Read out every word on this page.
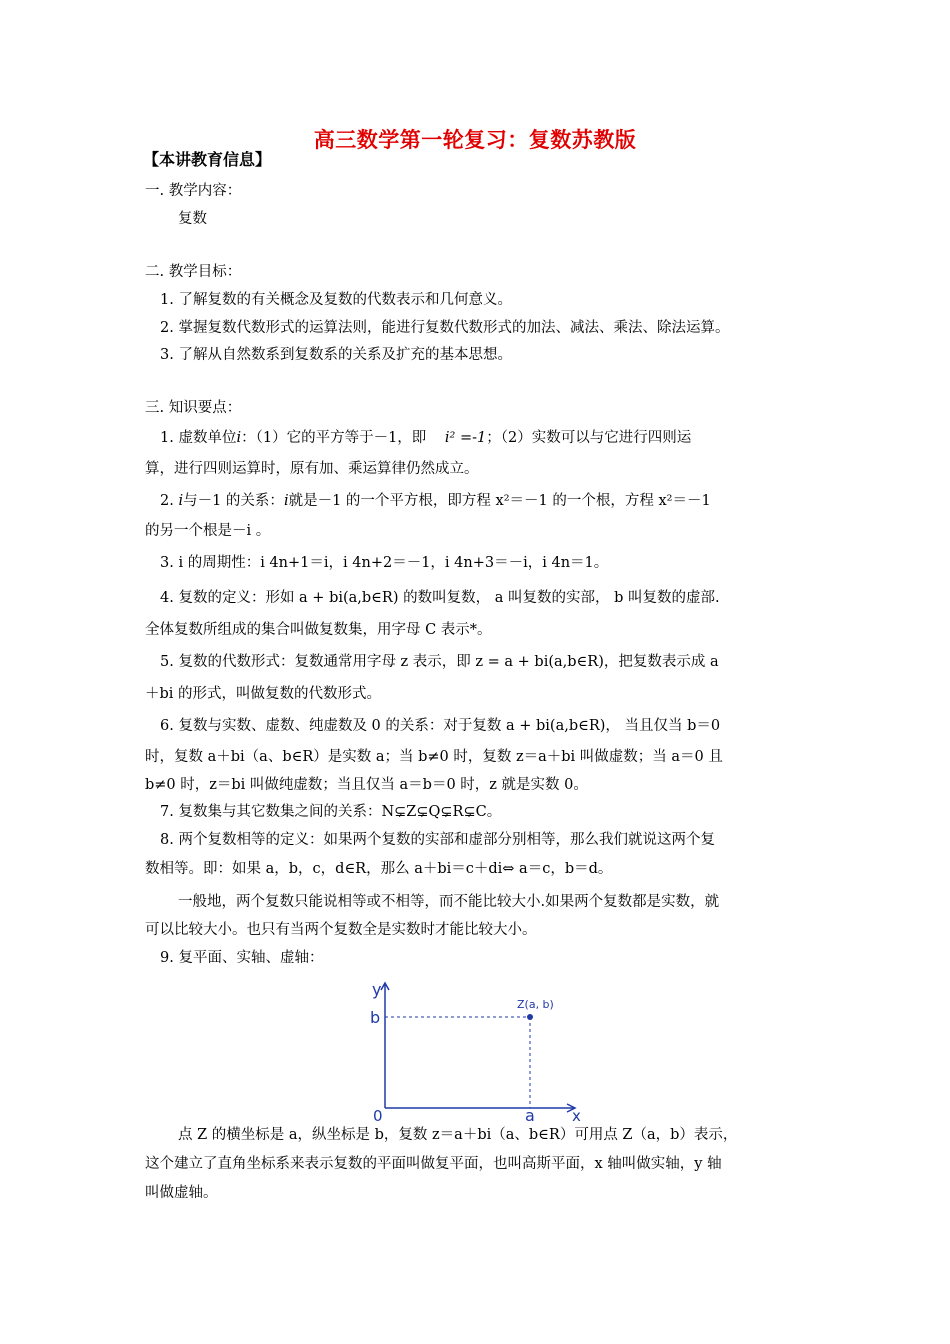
高三数学第一轮复习：复数苏教版
【本讲教育信息】
一. 教学内容：
复数
二. 教学目标：
1. 了解复数的有关概念及复数的代数表示和几何意义。
2. 掌握复数代数形式的运算法则，能进行复数代数形式的加法、减法、乘法、除法运算。
3. 了解从自然数系到复数系的关系及扩充的基本思想。
三. 知识要点：
1. 虚数单位i：（1）它的平方等于－1，即 i² =-1；（2）实数可以与它进行四则运
算，进行四则运算时，原有加、乘运算律仍然成立。
2. i与－1 的关系：i就是－1 的一个平方根，即方程 x²＝－1 的一个根，方程 x²＝－1
的另一个根是－i 。
3. i 的周期性：i 4n+1＝i，i 4n+2＝－1，i 4n+3＝－i，i 4n＝1。
4. 复数的定义：形如 a + bi(a,b∈R) 的数叫复数， a 叫复数的实部， b 叫复数的虚部.
全体复数所组成的集合叫做复数集，用字母 C 表示*。
5. 复数的代数形式：复数通常用字母 z 表示，即 z = a + bi(a,b∈R)，把复数表示成 a
＋bi 的形式，叫做复数的代数形式。
6. 复数与实数、虚数、纯虚数及 0 的关系：对于复数 a + bi(a,b∈R)， 当且仅当 b＝0
时，复数 a＋bi（a、b∈R）是实数 a；当 b≠0 时，复数 z＝a＋bi 叫做虚数；当 a＝0 且
b≠0 时，z＝bi 叫做纯虚数；当且仅当 a＝b＝0 时，z 就是实数 0。
7. 复数集与其它数集之间的关系：N⊊Z⊊Q⊊R⊊C。
8. 两个复数相等的定义：如果两个复数的实部和虚部分别相等，那么我们就说这两个复
数相等。即：如果 a，b，c，d∈R，那么 a＋bi＝c＋di⇔ a＝c，b＝d。
一般地，两个复数只能说相等或不相等，而不能比较大小.如果两个复数都是实数，就
可以比较大小。也只有当两个复数全是实数时才能比较大小。
9. 复平面、实轴、虚轴：
y
x
0
b
a
Z(a, b)
点 Z 的横坐标是 a，纵坐标是 b，复数 z＝a＋bi（a、b∈R）可用点 Z（a，b）表示，
这个建立了直角坐标系来表示复数的平面叫做复平面，也叫高斯平面，x 轴叫做实轴，y 轴
叫做虚轴。
